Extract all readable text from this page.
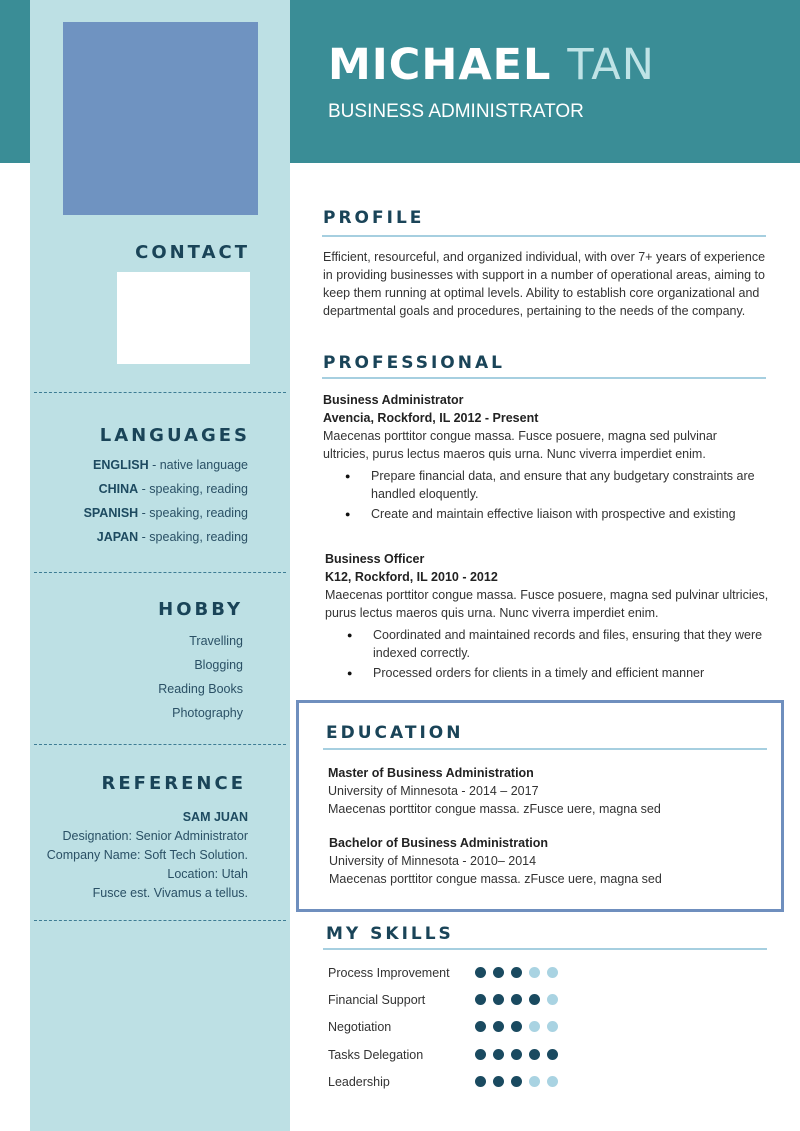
MICHAEL TAN
BUSINESS ADMINISTRATOR
CONTACT
LANGUAGES
ENGLISH - native language
CHINA - speaking, reading
SPANISH - speaking, reading
JAPAN - speaking, reading
HOBBY
Travelling
Blogging
Reading Books
Photography
REFERENCE
SAM JUAN
Designation: Senior Administrator
Company Name: Soft Tech Solution.
Location: Utah
Fusce est. Vivamus a tellus.
PROFILE
Efficient, resourceful, and organized individual, with over 7+ years of experience in providing businesses with support in a number of operational areas, aiming to keep them running at optimal levels. Ability to establish core organizational and departmental goals and procedures, pertaining to the needs of the company.
PROFESSIONAL
Business Administrator
Avencia, Rockford, IL 2012 - Present
Maecenas porttitor congue massa. Fusce posuere, magna sed pulvinar ultricies, purus lectus maeros quis urna. Nunc viverra imperdiet enim.
● Prepare financial data, and ensure that any budgetary constraints are handled eloquently.
● Create and maintain effective liaison with prospective and existing
Business Officer
K12, Rockford, IL 2010 - 2012
Maecenas porttitor congue massa. Fusce posuere, magna sed pulvinar ultricies, purus lectus maeros quis urna. Nunc viverra imperdiet enim.
● Coordinated and maintained records and files, ensuring that they were indexed correctly.
● Processed orders for clients in a timely and efficient manner
EDUCATION
Master of Business Administration
University of Minnesota - 2014 – 2017
Maecenas porttitor congue massa. zFusce uere, magna sed
Bachelor of Business Administration
University of Minnesota - 2010– 2014
Maecenas porttitor congue massa. zFusce uere, magna sed
MY SKILLS
Process Improvement
Financial Support
Negotiation
Tasks Delegation
Leadership
